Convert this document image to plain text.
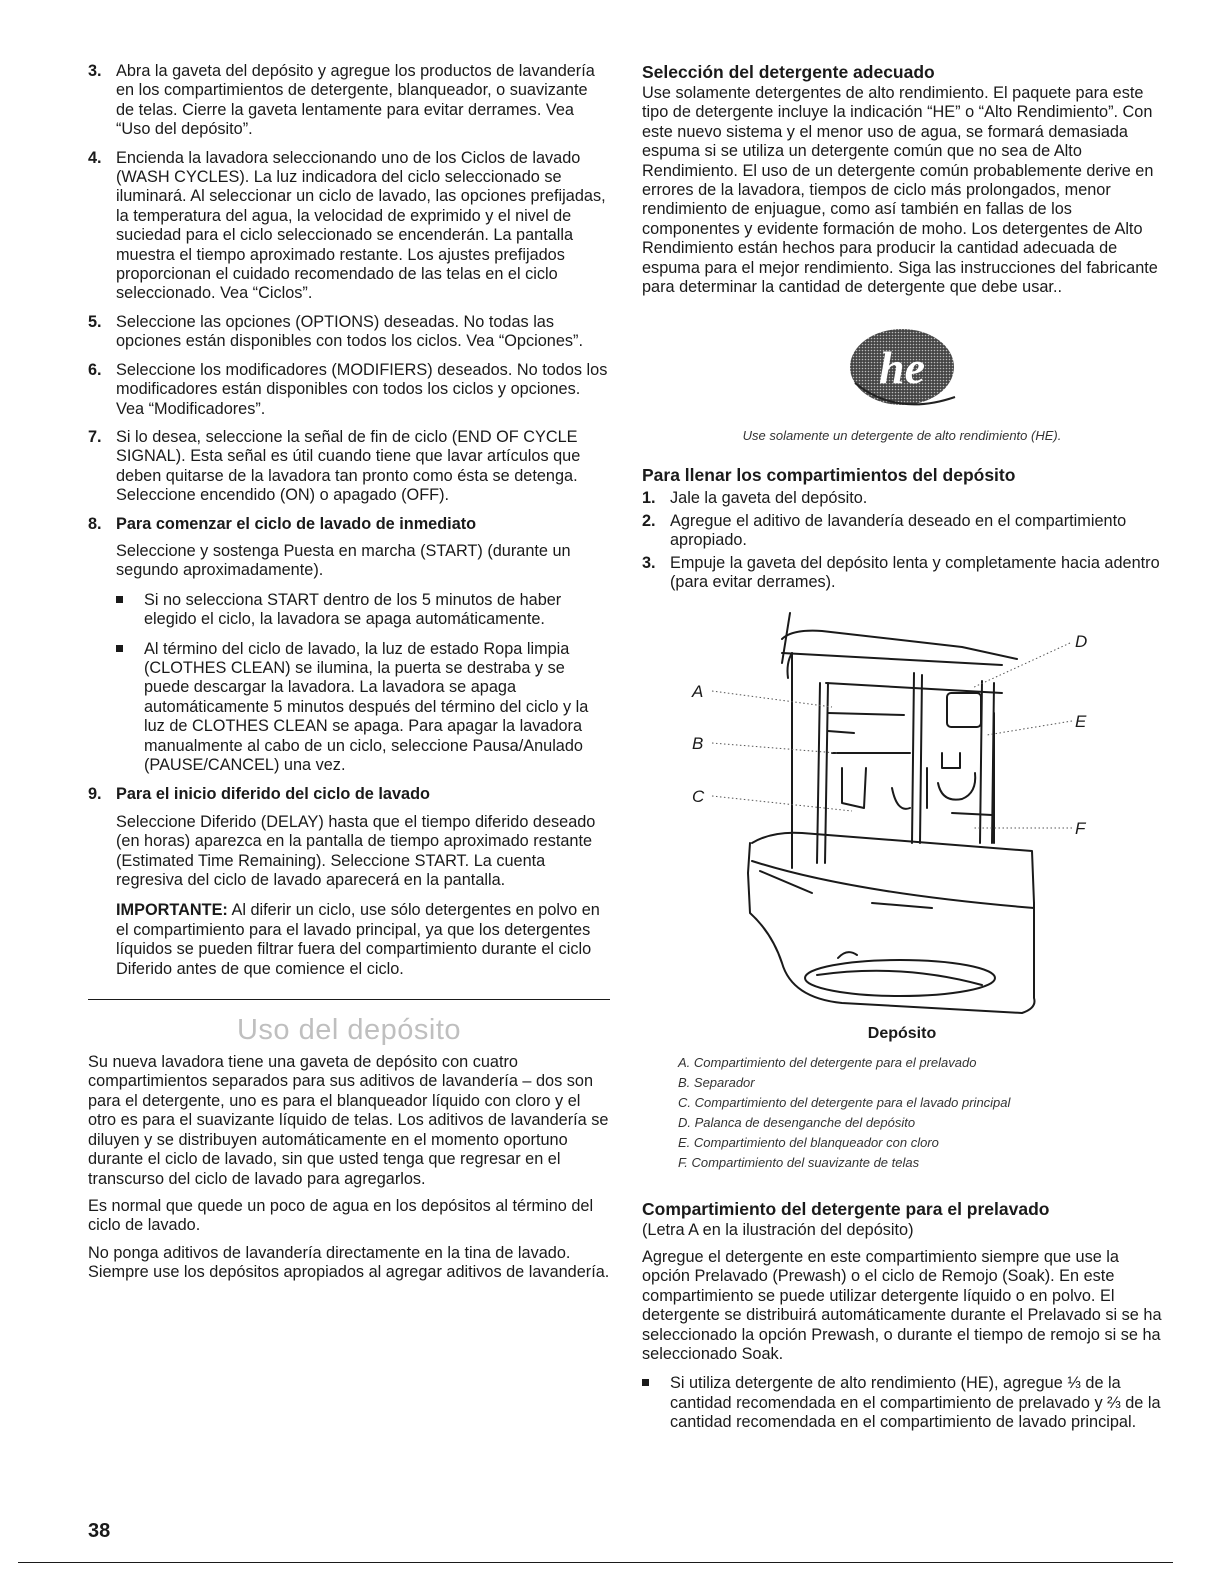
3. Abra la gaveta del depósito y agregue los productos de lavandería en los compartimientos de detergente, blanqueador, o suavizante de telas. Cierre la gaveta lentamente para evitar derrames. Vea “Uso del depósito”.
4. Encienda la lavadora seleccionando uno de los Ciclos de lavado (WASH CYCLES). La luz indicadora del ciclo seleccionado se iluminará. Al seleccionar un ciclo de lavado, las opciones prefijadas, la temperatura del agua, la velocidad de exprimido y el nivel de suciedad para el ciclo seleccionado se encenderán. La pantalla muestra el tiempo aproximado restante. Los ajustes prefijados proporcionan el cuidado recomendado de las telas en el ciclo seleccionado. Vea “Ciclos”.
5. Seleccione las opciones (OPTIONS) deseadas. No todas las opciones están disponibles con todos los ciclos. Vea “Opciones”.
6. Seleccione los modificadores (MODIFIERS) deseados. No todos los modificadores están disponibles con todos los ciclos y opciones. Vea “Modificadores”.
7. Si lo desea, seleccione la señal de fin de ciclo (END OF CYCLE SIGNAL). Esta señal es útil cuando tiene que lavar artículos que deben quitarse de la lavadora tan pronto como ésta se detenga. Seleccione encendido (ON) o apagado (OFF).
8. Para comenzar el ciclo de lavado de inmediato
Seleccione y sostenga Puesta en marcha (START) (durante un segundo aproximadamente).
Si no selecciona START dentro de los 5 minutos de haber elegido el ciclo, la lavadora se apaga automáticamente.
Al término del ciclo de lavado, la luz de estado Ropa limpia (CLOTHES CLEAN) se ilumina, la puerta se destraba y se puede descargar la lavadora. La lavadora se apaga automáticamente 5 minutos después del término del ciclo y la luz de CLOTHES CLEAN se apaga. Para apagar la lavadora manualmente al cabo de un ciclo, seleccione Pausa/Anulado (PAUSE/CANCEL) una vez.
9. Para el inicio diferido del ciclo de lavado
Seleccione Diferido (DELAY) hasta que el tiempo diferido deseado (en horas) aparezca en la pantalla de tiempo aproximado restante (Estimated Time Remaining). Seleccione START. La cuenta regresiva del ciclo de lavado aparecerá en la pantalla.
IMPORTANTE: Al diferir un ciclo, use sólo detergentes en polvo en el compartimiento para el lavado principal, ya que los detergentes líquidos se pueden filtrar fuera del compartimiento durante el ciclo Diferido antes de que comience el ciclo.
Uso del depósito

Su nueva lavadora tiene una gaveta de depósito con cuatro compartimientos separados para sus aditivos de lavandería – dos son para el detergente, uno es para el blanqueador líquido con cloro y el otro es para el suavizante líquido de telas. Los aditivos de lavandería se diluyen y se distribuyen automáticamente en el momento oportuno durante el ciclo de lavado, sin que usted tenga que regresar en el transcurso del ciclo de lavado para agregarlos.

Es normal que quede un poco de agua en los depósitos al término del ciclo de lavado.

No ponga aditivos de lavandería directamente en la tina de lavado. Siempre use los depósitos apropiados al agregar aditivos de lavandería.

Selección del detergente adecuado

Use solamente detergentes de alto rendimiento. El paquete para este tipo de detergente incluye la indicación “HE” o “Alto Rendimiento”. Con este nuevo sistema y el menor uso de agua, se formará demasiada espuma si se utiliza un detergente común que no sea de Alto Rendimiento. El uso de un detergente común probablemente derive en errores de la lavadora, tiempos de ciclo más prolongados, menor rendimiento de enjuague, como así también en fallas de los componentes y evidente formación de moho. Los detergentes de Alto Rendimiento están hechos para producir la cantidad adecuada de espuma para el mejor rendimiento. Siga las instrucciones del fabricante para determinar la cantidad de detergente que debe usar..

he
Use solamente un detergente de alto rendimiento (HE).
Para llenar los compartimientos del depósito
1. Jale la gaveta del depósito.
2. Agregue el aditivo de lavandería deseado en el compartimiento apropiado.
3. Empuje la gaveta del depósito lenta y completamente hacia adentro (para evitar derrames).
A
B
C
D
E
F
Depósito
A. Compartimiento del detergente para el prelavado
B. Separador
C. Compartimiento del detergente para el lavado principal
D. Palanca de desenganche del depósito
E. Compartimiento del blanqueador con cloro
F. Compartimiento del suavizante de telas
Compartimiento del detergente para el prelavado

(Letra A en la ilustración del depósito)

Agregue el detergente en este compartimiento siempre que use la opción Prelavado (Prewash) o el ciclo de Remojo (Soak). En este compartimiento se puede utilizar detergente líquido o en polvo. El detergente se distribuirá automáticamente durante el Prelavado si se ha seleccionado la opción Prewash, o durante el tiempo de remojo si se ha seleccionado Soak.

Si utiliza detergente de alto rendimiento (HE), agregue ⅓ de la cantidad recomendada en el compartimiento de prelavado y ⅔ de la cantidad recomendada en el compartimiento de lavado principal.
38
